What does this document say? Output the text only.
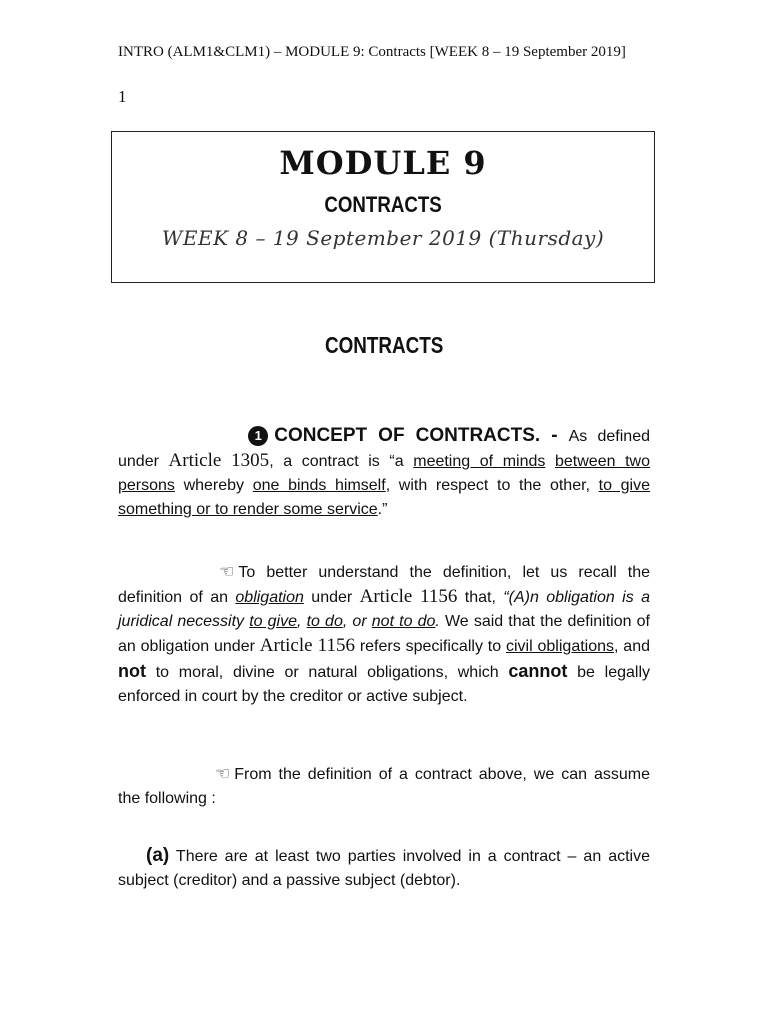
INTRO (ALM1&CLM1) – MODULE 9: Contracts [WEEK 8 – 19 September 2019]
1
MODULE 9
CONTRACTS
WEEK 8 – 19 September 2019 (Thursday)
CONTRACTS
1 CONCEPT OF CONTRACTS. - As defined under Article 1305, a contract is “a meeting of minds between two persons whereby one binds himself, with respect to the other, to give something or to render some service.”
☜ To better understand the definition, let us recall the definition of an obligation under Article 1156 that, “(A)n obligation is a juridical necessity to give, to do, or not to do. We said that the definition of an obligation under Article 1156 refers specifically to civil obligations, and not to moral, divine or natural obligations, which cannot be legally enforced in court by the creditor or active subject.
☜ From the definition of a contract above, we can assume the following :
(a) There are at least two parties involved in a contract – an active subject (creditor) and a passive subject (debtor).
